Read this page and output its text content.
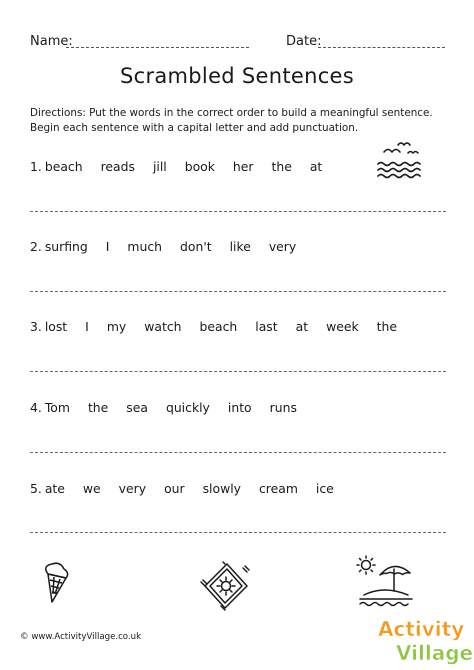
Name:	Date:
Scrambled Sentences
Directions: Put the words in the correct order to build a meaningful sentence. Begin each sentence with a capital letter and add punctuation.
1. beach reads jill book her the at
2. surfing I much don't like very
3. lost I my watch beach last at week the
4. Tom the sea quickly into runs
5. ate we very our slowly cream ice
© www.ActivityVillage.co.uk	Activity
Village
